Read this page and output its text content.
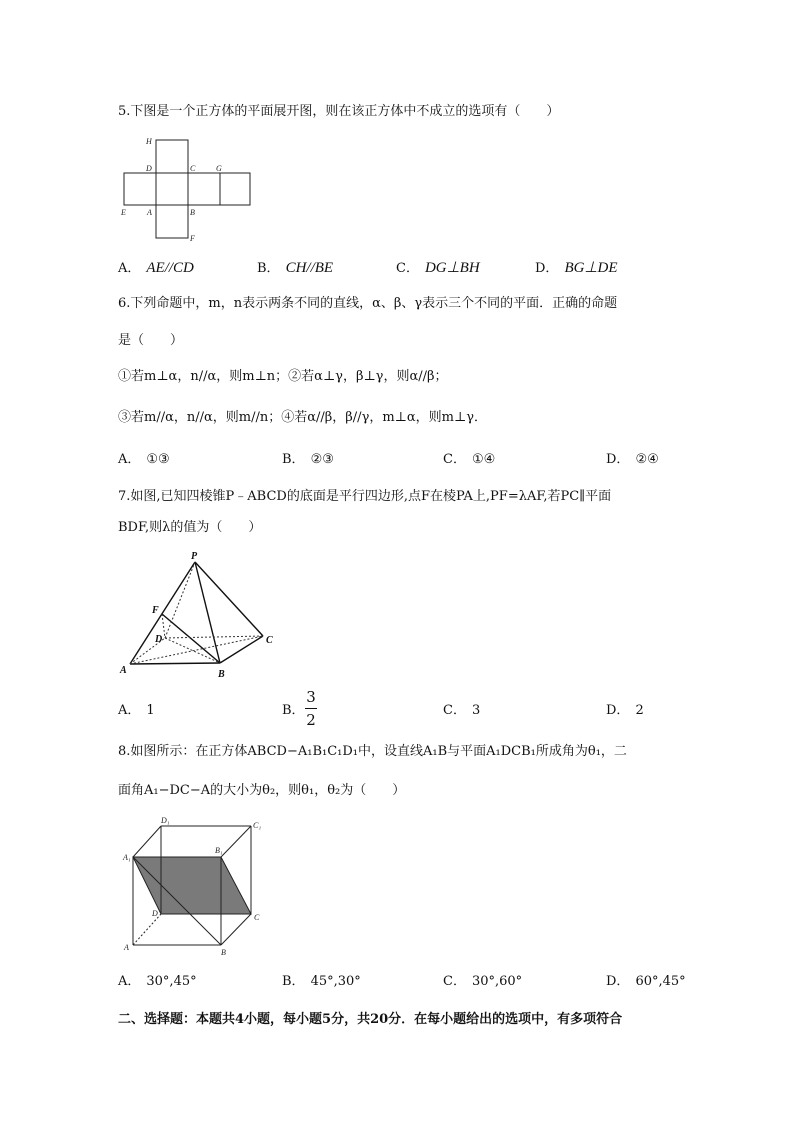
5.下图是一个正方体的平面展开图，则在该正方体中不成立的选项有（　　）
H
D	C	G
E	A	B
F
A． AE//CD	B． CH//BE	C． DG⊥BH	D． BG⊥DE
6.下列命题中，m，n表示两条不同的直线，α、β、γ表示三个不同的平面．正确的命题
是（　　）
①若m⊥α，n//α，则m⊥n；②若α⊥γ，β⊥γ，则α//β；
③若m//α，n//α，则m//n；④若α//β，β//γ，m⊥α，则m⊥γ．
A． ①③	B． ②③	C． ①④	D． ②④
7.如图,已知四棱锥P﹣ABCD的底面是平行四边形,点F在棱PA上,PF=λAF,若PC∥平面
BDF,则λ的值为（　　）
P
F
D	C
A	B
A． 1	B．
3
2
C． 3	D． 2
8.如图所示：在正方体ABCD−A₁B₁C₁D₁中，设直线A₁B与平面A₁DCB₁所成角为θ₁，二
面角A₁−DC−A的大小为θ₂，则θ₁，θ₂为（　　）
D₁
C₁
A₁
B₁
D	C
A
B
A． 30°,45°	B． 45°,30°	C． 30°,60°	D． 60°,45°
二、选择题：本题共4小题，每小题5分，共20分．在每小题给出的选项中，有多项符合
